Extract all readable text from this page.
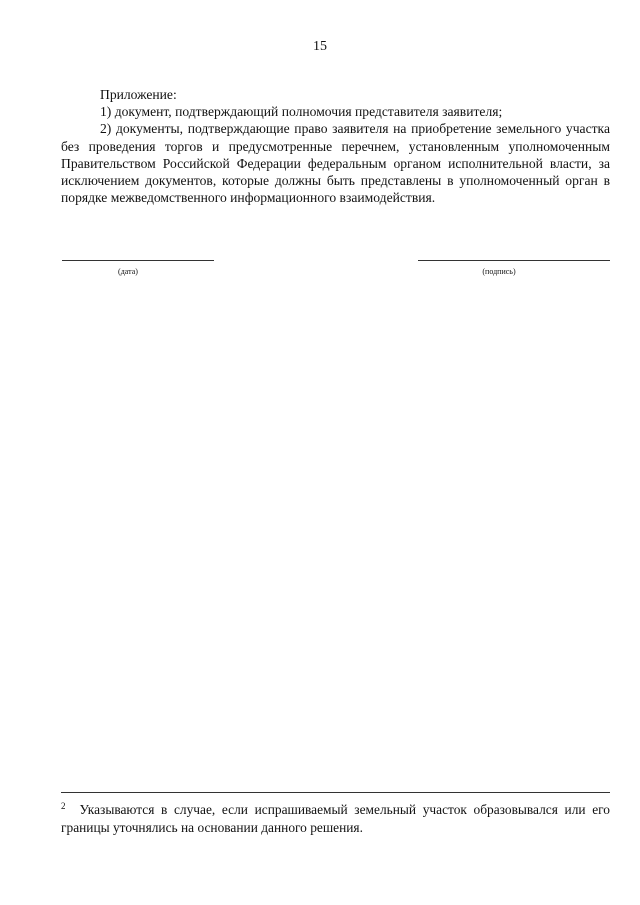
15

Приложение:

1) документ, подтверждающий полномочия представителя заявителя;

2) документы, подтверждающие право заявителя на приобретение земельного участка без проведения торгов и предусмотренные перечнем, установленным уполномоченным Правительством Российской Федерации федеральным органом исполнительной власти, за исключением документов, которые должны быть представлены в уполномоченный орган в порядке межведомственного информационного взаимодействия.

(дата)	(подпись)
$^2$ Указываются в случае, если испрашиваемый земельный участок образовывался или его границы уточнялись на основании данного решения.
